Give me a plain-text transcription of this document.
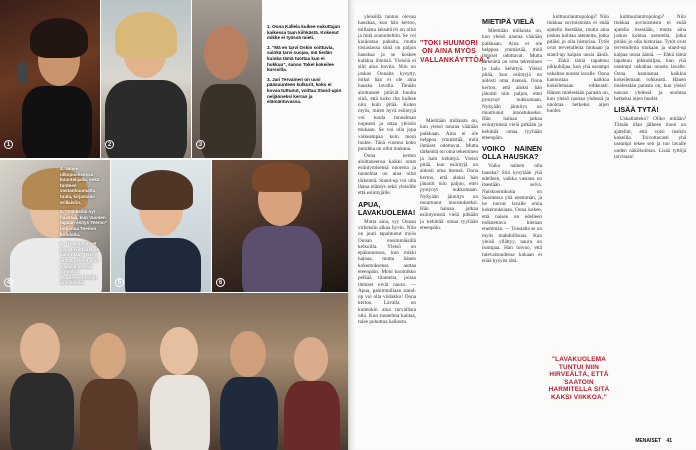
1	2	3

1. Oona Kallela kuikee nukuttajan kaikessa taan kiihkästä. Kokenut mikke ei työssä mieti.

2. "Mä en tarvi Oskin soittuvia, sainkä tarvi suojaa, mä tiedän kuinka tämä tuottaa kun ei hukkuu", sanoo Tokel kokeilee kurssilla.

3. Jari Tervainen on uusi pääsuunteen kulkurit, koko ei kovaa tuttunut, voittaa Stand-upin neljänneksi kerran ja elämäntuvassa.

4	5	6

4. Jamie ulkopuolisessa kuuntelijalla, sekä tunteen vastanhuomattu tuula, kirjastaan erillaisiin.

5. "Sähkeillä nyt haastaa, kun Vuoden tapaan esitys Teemo" tarkistaa Teenon kohdalta.

6. "Tuskastatinet kavut kriittiiset on sanontaa; Teikon tuttaa pelkkä joo!" Kadalla kasvat varastoa Vuodenvoltteihin tunnelmaa.

yleisöllä tuntuu olevan hauskaa, kun hän kertoo, millaista laksatiivit on ollut ja mitä suunniteltiin. Se voi kuulostaa pahalta, mutta tosiasiassa siinä on paljon hauskaa ja se koskee kaikkia ihmisiä. Yleisöä ei silti aina huvita. Niin on joskus Oonalta kysytty, miksi hän ei ole aina hauska lavalla. Tänään aloittaneet pitävät huolta siitä, että koko ilta kulkee niin kuin pitää. Kuten myös, miten hyvä esiintyjä voi luoda tunnelman nopeasti ja ottaa yleisön mukaan. Se voi olla jopa vaikeampaa kuin moni luulee. Tänä vuonna koko porukka on ollut mukana.

Oona kertoo aloittaneensa kaikki omat esiintymisensä nuorena ja tunnelma on aina ollut tärkeintä. Stand-up voi olla ihana elämys sekä yleisölle että esiintyjälle.

APUA, LAVAKUOLEMA!

Mutta aina, syy Oonan virheisiin alkaa hyvin. Niin on juuri tapahtunut myös Oonan ensimmäisillä keikoilla. Yleisö on epäkunnossa, kun mikki hajoaa, mutta hänen kokemuksensa auttaa eteenpäin. Moni koomikko pelkää tilanteita, joissa ihmiset eivät naura. — Apua, pahimmillaan stand-up voi olla viidakko! Oona kertoo. Lavalla on kuitenkin aina turvallista olla. Kun tunnelma kantaa, tulee puhuttua kaikesta.

"TOKI HUUMORI ON AINA MYÖS VALLANKÄYTTÖÄ."

Mietitään millaista on, kun yleisö nauraa väärään paikkaan. Aina ei ole helppoa ymmärtää, mitä ihmiset odottavat. Mutta tärkeintä on oma tekeminen ja halu kehittyä. Yleisö pitää, kun esiintyjä on aidosti oma itsensä. Oona kertoo, että aluksi hän jännitti niin paljon, ettei pystynyt nukkumaan. Nykyään jännitys on muuttunut innostukseksi. Hän haluaa jatkaa esiintymistä vielä pitkään ja kehittää omaa tyyliään eteenpäin.

MIETIPÄ VIELÄ

Mietitään millaista on, kun yleisö nauraa väärään paikkaan. Aina ei ole helppoa ymmärtää, mitä ihmiset odottavat. Mutta tärkeintä on oma tekeminen ja halu kehittyä. Yleisö pitää, kun esiintyjä on aidosti oma itsensä. Oona kertoo, että aluksi hän jännitti niin paljon, ettei pystynyt nukkumaan. Nykyään jännitys on muuttunut innostukseksi. Hän haluaa jatkaa esiintymistä vielä pitkään ja kehittää omaa tyyliään eteenpäin.

VOIKO NAINEN OLLA HAUSKA?

Voiko nainen olla hauska? Sitä kysytään yhä edelleen, vaikka vastaus on itsestään selvä. Naiskoomikoita on Suomessa yhä enemmän, ja he tuovat lavalle omia kokemuksiaan. Oona kokee, että naisen on edelleen todistettava hieman enemmän. — Toisaalta se on myös mahdollisuus. Kun yleisö yllättyy, nauru on isompaa. Hän toivoo, että tulevaisuudessa kukaan ei enää kysyisi tätä.

kulttuuriantropologi? Niin tiukkaa sovinismista ei enää ajatella itsestään, mutta aina joskus kohtaa asenteita, jotka pitäisi jo olla historiaa. Tytöt ovat tervetulleita mukaan ja stand-up kaipaa uusia ääniä. — Ehkä tämä tapahtuu pikkuhiljaa, kun yhä useampi uskaltaa nousta lavalle. Oona kannustaa kaikkia kokeilemaan rohkeasti. Hänen mielestään parasta on, kun yleisö nauraa yhdessä ja unohtaa hetkeksi arjen huolet.

"LAVAKUOLEMA TUNTUI NIIN HIRVEÄLTÄ, ETTÄ SAATOIN HARMITELLA SITÄ KAKSI VIIKKOA."

kulttuuriantropologi? Niin tiukkaa sovinismista ei enää ajatella itsestään, mutta aina joskus kohtaa asenteita, jotka pitäisi jo olla historiaa. Tytöt ovat tervetulleita mukaan ja stand-up kaipaa uusia ääniä. — Ehkä tämä tapahtuu pikkuhiljaa, kun yhä useampi uskaltaa nousta lavalle. Oona kannustaa kaikkia kokeilemaan rohkeasti. Hänen mielestään parasta on, kun yleisö nauraa yhdessä ja unohtaa hetkeksi arjen huolet.

LISÄÄ TYTÄ!

Uskallatteko? Oliko mitään? Tämän illan jälkeen moni on ajatellut, että voisi itsekin kokeilla. Toivottavasti yhä useampi tekee sen ja tuo lavalle uuden näkökulman. Lisää tyttöjä tarvitaan!

MENAISET 41
